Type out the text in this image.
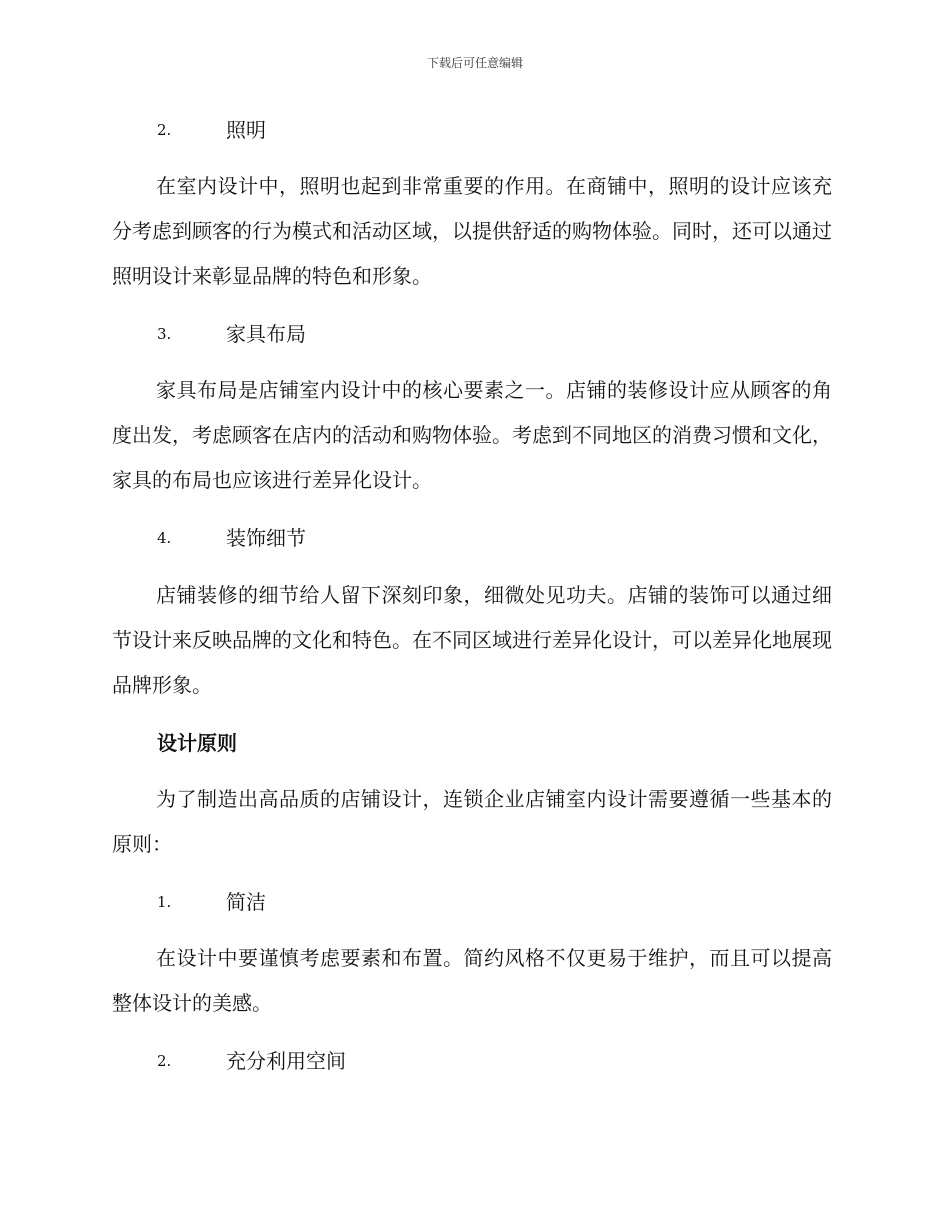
下载后可任意编辑
2.	照明

在室内设计中，照明也起到非常重要的作用。在商铺中，照明的设计应该充分考虑到顾客的行为模式和活动区域，以提供舒适的购物体验。同时，还可以通过照明设计来彰显品牌的特色和形象。

3.	家具布局

家具布局是店铺室内设计中的核心要素之一。店铺的装修设计应从顾客的角度出发，考虑顾客在店内的活动和购物体验。考虑到不同地区的消费习惯和文化，家具的布局也应该进行差异化设计。

4.	装饰细节

店铺装修的细节给人留下深刻印象，细微处见功夫。店铺的装饰可以通过细节设计来反映品牌的文化和特色。在不同区域进行差异化设计，可以差异化地展现品牌形象。

设计原则

为了制造出高品质的店铺设计，连锁企业店铺室内设计需要遵循一些基本的原则：

1.	简洁

在设计中要谨慎考虑要素和布置。简约风格不仅更易于维护，而且可以提高整体设计的美感。

2.	充分利用空间
